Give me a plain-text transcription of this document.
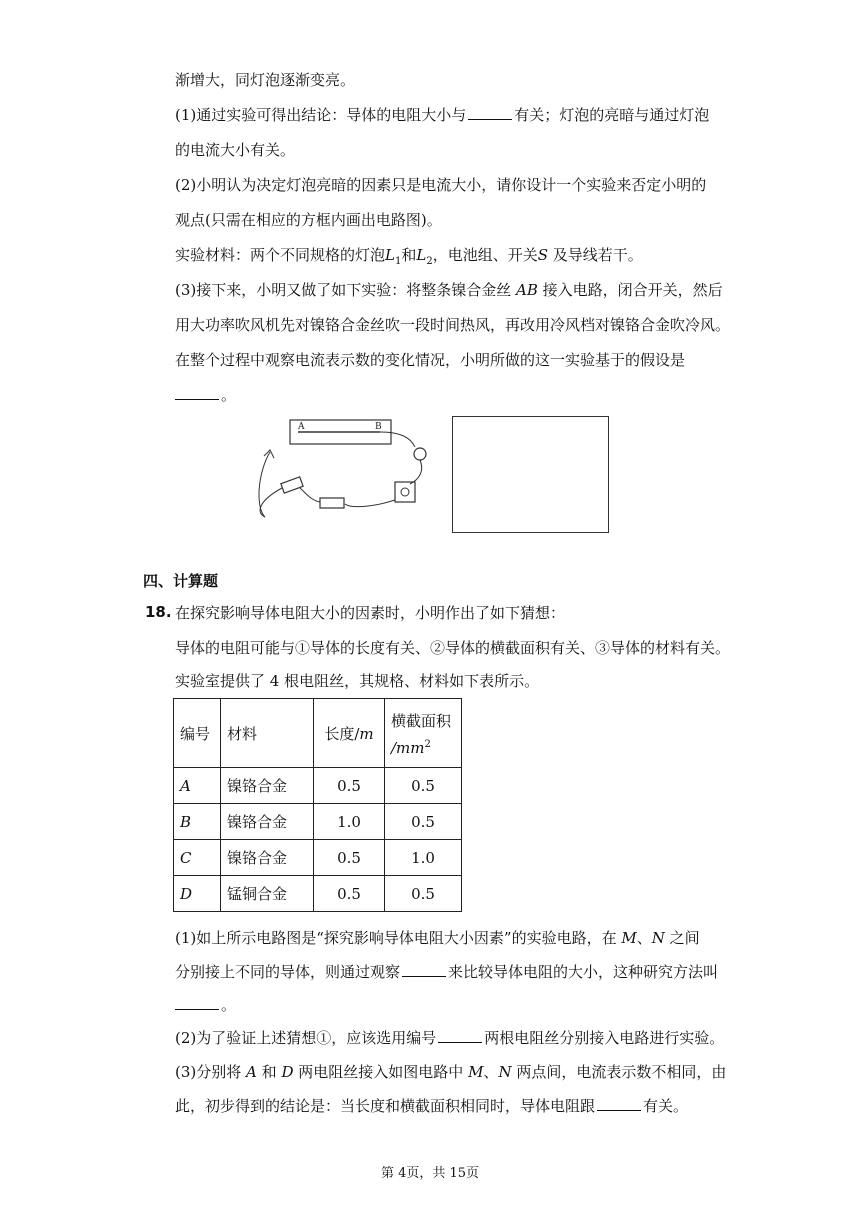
渐增大，同灯泡逐渐变亮。
(1)通过实验可得出结论：导体的电阻大小与	有关；灯泡的亮暗与通过灯泡
的电流大小有关。
(2)小明认为决定灯泡亮暗的因素只是电流大小，请你设计一个实验来否定小明的
观点(只需在相应的方框内画出电路图)。
实验材料：两个不同规格的灯泡$L_1$和$L_2$，电池组、开关S 及导线若干。
(3)接下来，小明又做了如下实验：将整条镍合金丝 AB 接入电路，闭合开关，然后
用大功率吹风机先对镍铬合金丝吹一段时间热风，再改用冷风档对镍铬合金吹冷风。
在整个过程中观察电流表示数的变化情况，小明所做的这一实验基于的假设是
。
A	B
四、计算题
18. 在探究影响导体电阻大小的因素时，小明作出了如下猜想：
导体的电阻可能与①导体的长度有关、②导体的横截面积有关、③导体的材料有关。
实验室提供了 4 根电阻丝，其规格、材料如下表所示。
编号	材料	长度/m	横截面积
$/mm^2$

A	镍铬合金	0.5	0.5
B	镍铬合金	1.0	0.5
C	镍铬合金	0.5	1.0
D	锰铜合金	0.5	0.5
(1)如上所示电路图是“探究影响导体电阻大小因素”的实验电路，在 M、N 之间
分别接上不同的导体，则通过观察	来比较导体电阻的大小，这种研究方法叫
。
(2)为了验证上述猜想①，应该选用编号	两根电阻丝分别接入电路进行实验。
(3)分别将 A 和 D 两电阻丝接入如图电路中 M、N 两点间，电流表示数不相同，由
此，初步得到的结论是：当长度和横截面积相同时，导体电阻跟	有关。
第 4页，共 15页
